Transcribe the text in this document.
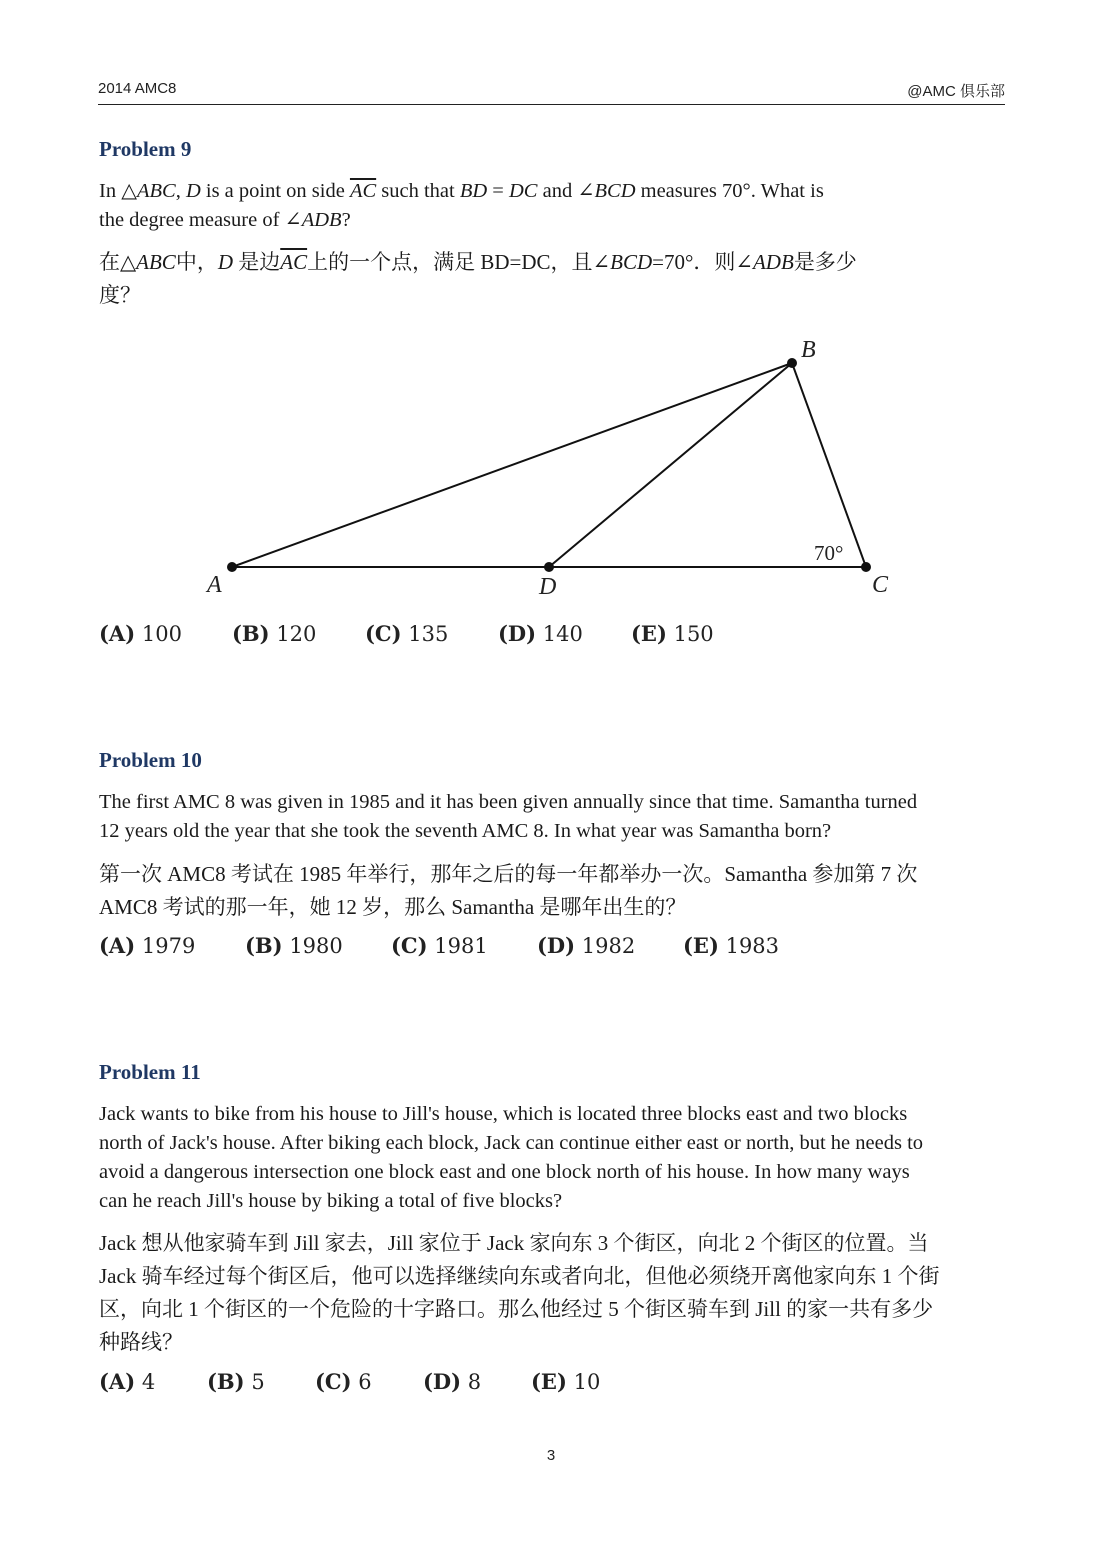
2014 AMC8	@AMC 俱乐部

Problem 9

In △ABC, D is a point on side $\overline{AC}$ such that BD = DC and ∠BCD measures 70°. What is

the degree measure of ∠ADB?

在△ABC中，D 是边$\overline{AC}$上的一个点，满足 BD=DC，且∠BCD=70°．则∠ADB是多少

度？

A	D
B
C
70°
(A) 100 (B) 120 (C) 135 (D) 140 (E) 150

Problem 10

The first AMC 8 was given in 1985 and it has been given annually since that time. Samantha turned

12 years old the year that she took the seventh AMC 8. In what year was Samantha born?

第一次 AMC8 考试在 1985 年举行，那年之后的每一年都举办一次。Samantha 参加第 7 次

AMC8 考试的那一年，她 12 岁，那么 Samantha 是哪年出生的？

(A) 1979 (B) 1980 (C) 1981 (D) 1982 (E) 1983

Problem 11

Jack wants to bike from his house to Jill's house, which is located three blocks east and two blocks

north of Jack's house. After biking each block, Jack can continue either east or north, but he needs to

avoid a dangerous intersection one block east and one block north of his house. In how many ways

can he reach Jill's house by biking a total of five blocks?

Jack 想从他家骑车到 Jill 家去，Jill 家位于 Jack 家向东 3 个街区，向北 2 个街区的位置。当

Jack 骑车经过每个街区后，他可以选择继续向东或者向北，但他必须绕开离他家向东 1 个街

区，向北 1 个街区的一个危险的十字路口。那么他经过 5 个街区骑车到 Jill 的家一共有多少

种路线？

(A) 4 (B) 5 (C) 6 (D) 8 (E) 10
3
